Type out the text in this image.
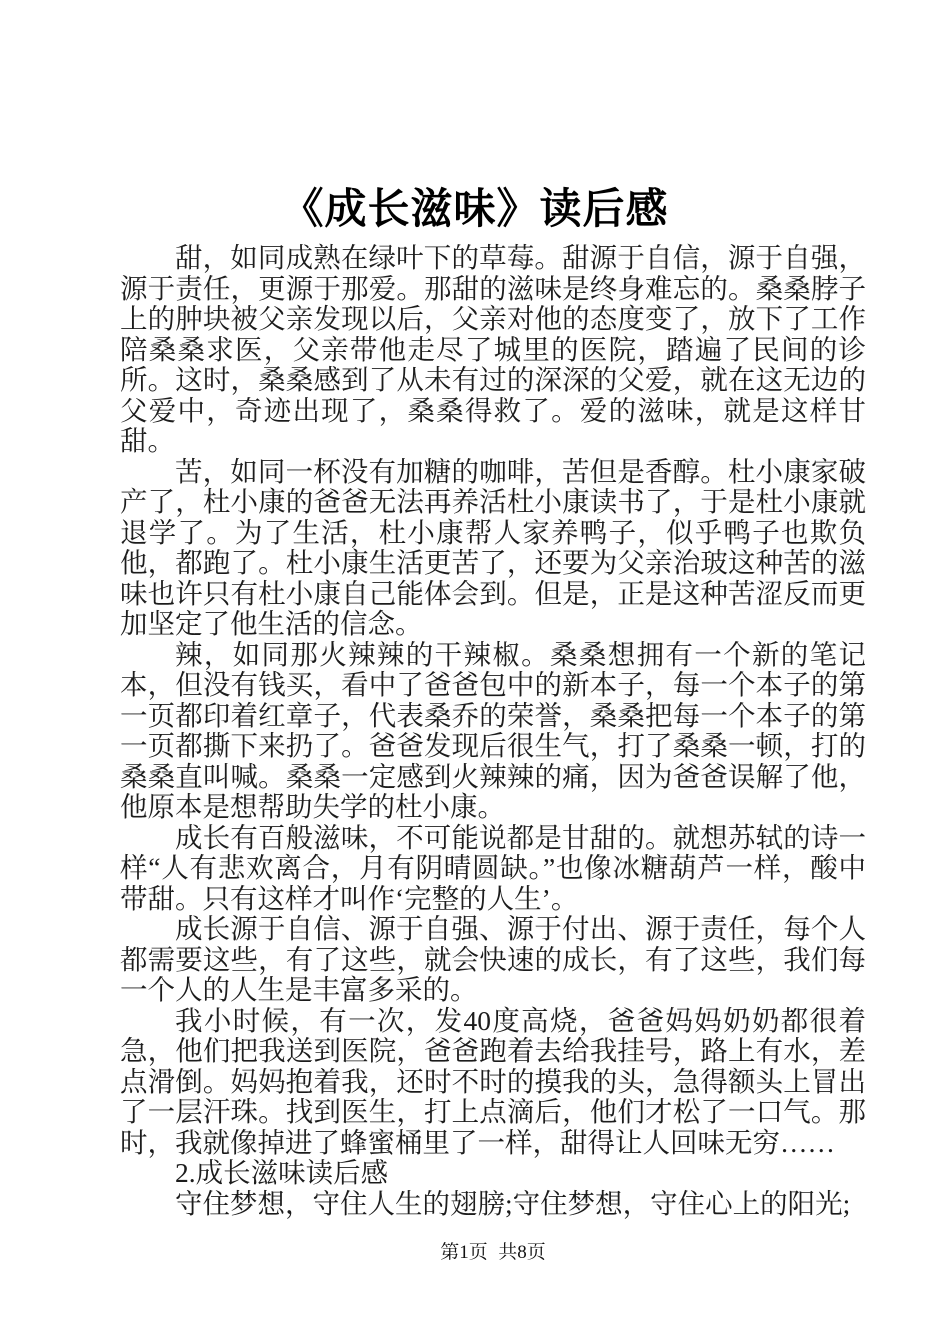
《成长滋味》读后感

甜，如同成熟在绿叶下的草莓。甜源于自信，源于自强，源于责任，更源于那爱。那甜的滋味是终身难忘的。桑桑脖子上的肿块被父亲发现以后，父亲对他的态度变了，放下了工作陪桑桑求医，父亲带他走尽了城里的医院，踏遍了民间的诊所。这时，桑桑感到了从未有过的深深的父爱，就在这无边的父爱中，奇迹出现了，桑桑得救了。爱的滋味，就是这样甘甜。

苦，如同一杯没有加糖的咖啡，苦但是香醇。杜小康家破产了，杜小康的爸爸无法再养活杜小康读书了，于是杜小康就退学了。为了生活，杜小康帮人家养鸭子，似乎鸭子也欺负他，都跑了。杜小康生活更苦了，还要为父亲治玻这种苦的滋味也许只有杜小康自己能体会到。但是，正是这种苦涩反而更加坚定了他生活的信念。

辣，如同那火辣辣的干辣椒。桑桑想拥有一个新的笔记本，但没有钱买，看中了爸爸包中的新本子，每一个本子的第一页都印着红章子，代表桑乔的荣誉，桑桑把每一个本子的第一页都撕下来扔了。爸爸发现后很生气，打了桑桑一顿，打的桑桑直叫喊。桑桑一定感到火辣辣的痛，因为爸爸误解了他，他原本是想帮助失学的杜小康。

成长有百般滋味，不可能说都是甘甜的。就想苏轼的诗一样“人有悲欢离合，月有阴晴圆缺。”也像冰糖葫芦一样，酸中带甜。只有这样才叫作‘完整的人生’。

成长源于自信、源于自强、源于付出、源于责任，每个人都需要这些，有了这些，就会快速的成长，有了这些，我们每一个人的人生是丰富多采的。

我小时候，有一次，发40度高烧，爸爸妈妈奶奶都很着急，他们把我送到医院，爸爸跑着去给我挂号，路上有水，差点滑倒。妈妈抱着我，还时不时的摸我的头，急得额头上冒出了一层汗珠。找到医生，打上点滴后，他们才松了一口气。那时，我就像掉进了蜂蜜桶里了一样，甜得让人回味无穷……

2.成长滋味读后感

守住梦想，守住人生的翅膀;守住梦想，守住心上的阳光;

第1页 共8页
